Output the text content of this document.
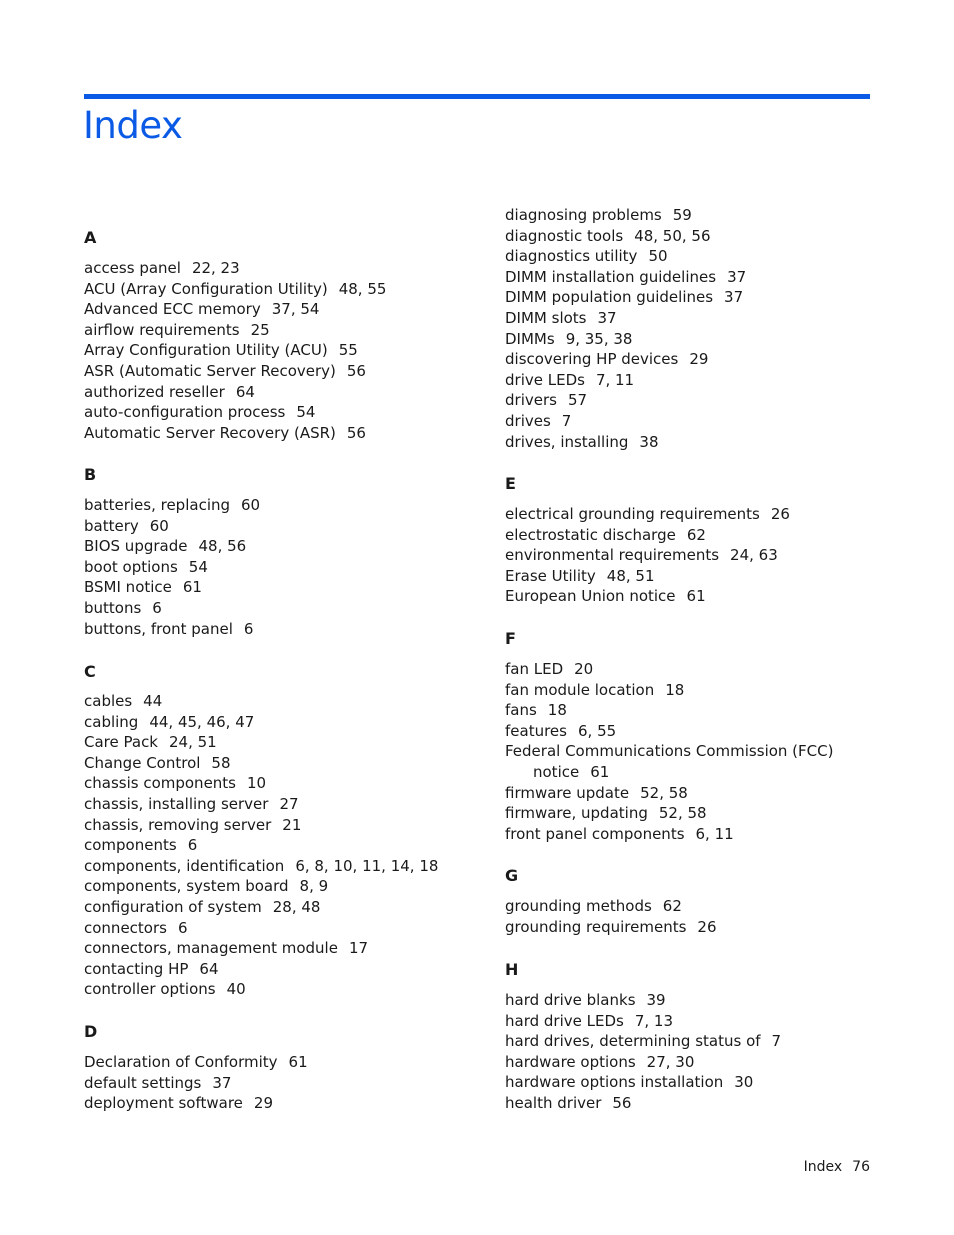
Index
A
access panel 22, 23
ACU (Array Configuration Utility) 48, 55
Advanced ECC memory 37, 54
airflow requirements 25
Array Configuration Utility (ACU) 55
ASR (Automatic Server Recovery) 56
authorized reseller 64
auto-configuration process 54
Automatic Server Recovery (ASR) 56
B
batteries, replacing 60
battery 60
BIOS upgrade 48, 56
boot options 54
BSMI notice 61
buttons 6
buttons, front panel 6
C
cables 44
cabling 44, 45, 46, 47
Care Pack 24, 51
Change Control 58
chassis components 10
chassis, installing server 27
chassis, removing server 21
components 6
components, identification 6, 8, 10, 11, 14, 18
components, system board 8, 9
configuration of system 28, 48
connectors 6
connectors, management module 17
contacting HP 64
controller options 40
D
Declaration of Conformity 61
default settings 37
deployment software 29
diagnosing problems 59
diagnostic tools 48, 50, 56
diagnostics utility 50
DIMM installation guidelines 37
DIMM population guidelines 37
DIMM slots 37
DIMMs 9, 35, 38
discovering HP devices 29
drive LEDs 7, 11
drivers 57
drives 7
drives, installing 38
E
electrical grounding requirements 26
electrostatic discharge 62
environmental requirements 24, 63
Erase Utility 48, 51
European Union notice 61
F
fan LED 20
fan module location 18
fans 18
features 6, 55
Federal Communications Commission (FCC)
notice 61
firmware update 52, 58
firmware, updating 52, 58
front panel components 6, 11
G
grounding methods 62
grounding requirements 26
H
hard drive blanks 39
hard drive LEDs 7, 13
hard drives, determining status of 7
hardware options 27, 30
hardware options installation 30
health driver 56
Index 76
